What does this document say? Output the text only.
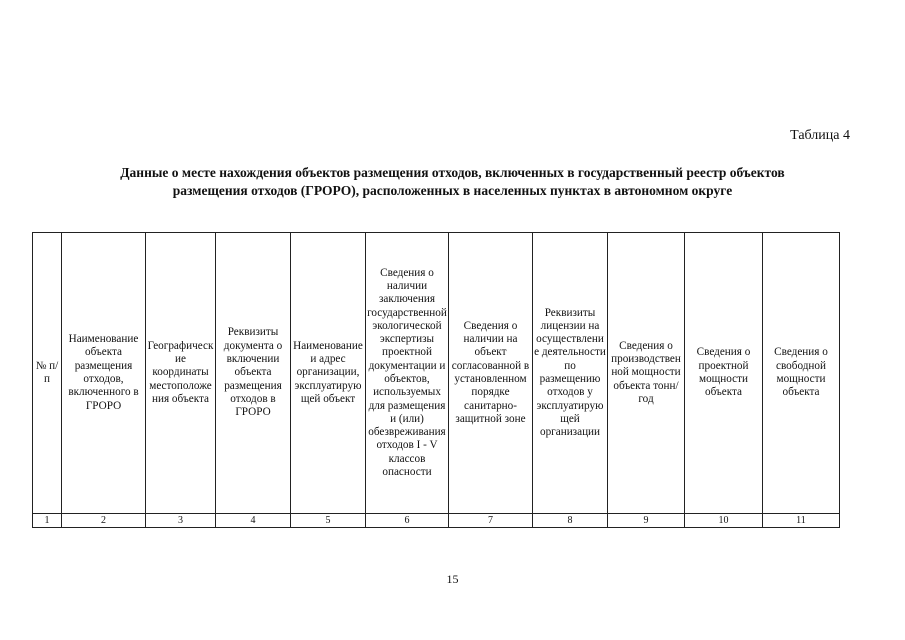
Таблица 4
Данные о месте нахождения объектов размещения отходов, включенных в государственный реестр объектов
размещения отходов (ГРОРО), расположенных в населенных пунктах в автономном округе
№ п/п	Наименование объекта размещения отходов, включенного в ГРОРО	Географические координаты местоположения объекта	Реквизиты документа о включении объекта размещения отходов в ГРОРО	Наименование и адрес организации, эксплуатирующей объект	Сведения о наличии заключения государственной экологической экспертизы проектной документации и объектов, используемых для размещения и (или) обезвреживания отходов I - V классов опасности	Сведения о наличии на объект согласованной в установленном порядке санитарно-защитной зоне	Реквизиты лицензии на осуществление деятельности по размещению отходов у эксплуатирующей организации	Сведения о производственной мощности объекта тонн/год	Сведения о проектной мощности объекта	Сведения о свободной мощности объекта
1	2	3	4	5	6	7	8	9	10	11
15
